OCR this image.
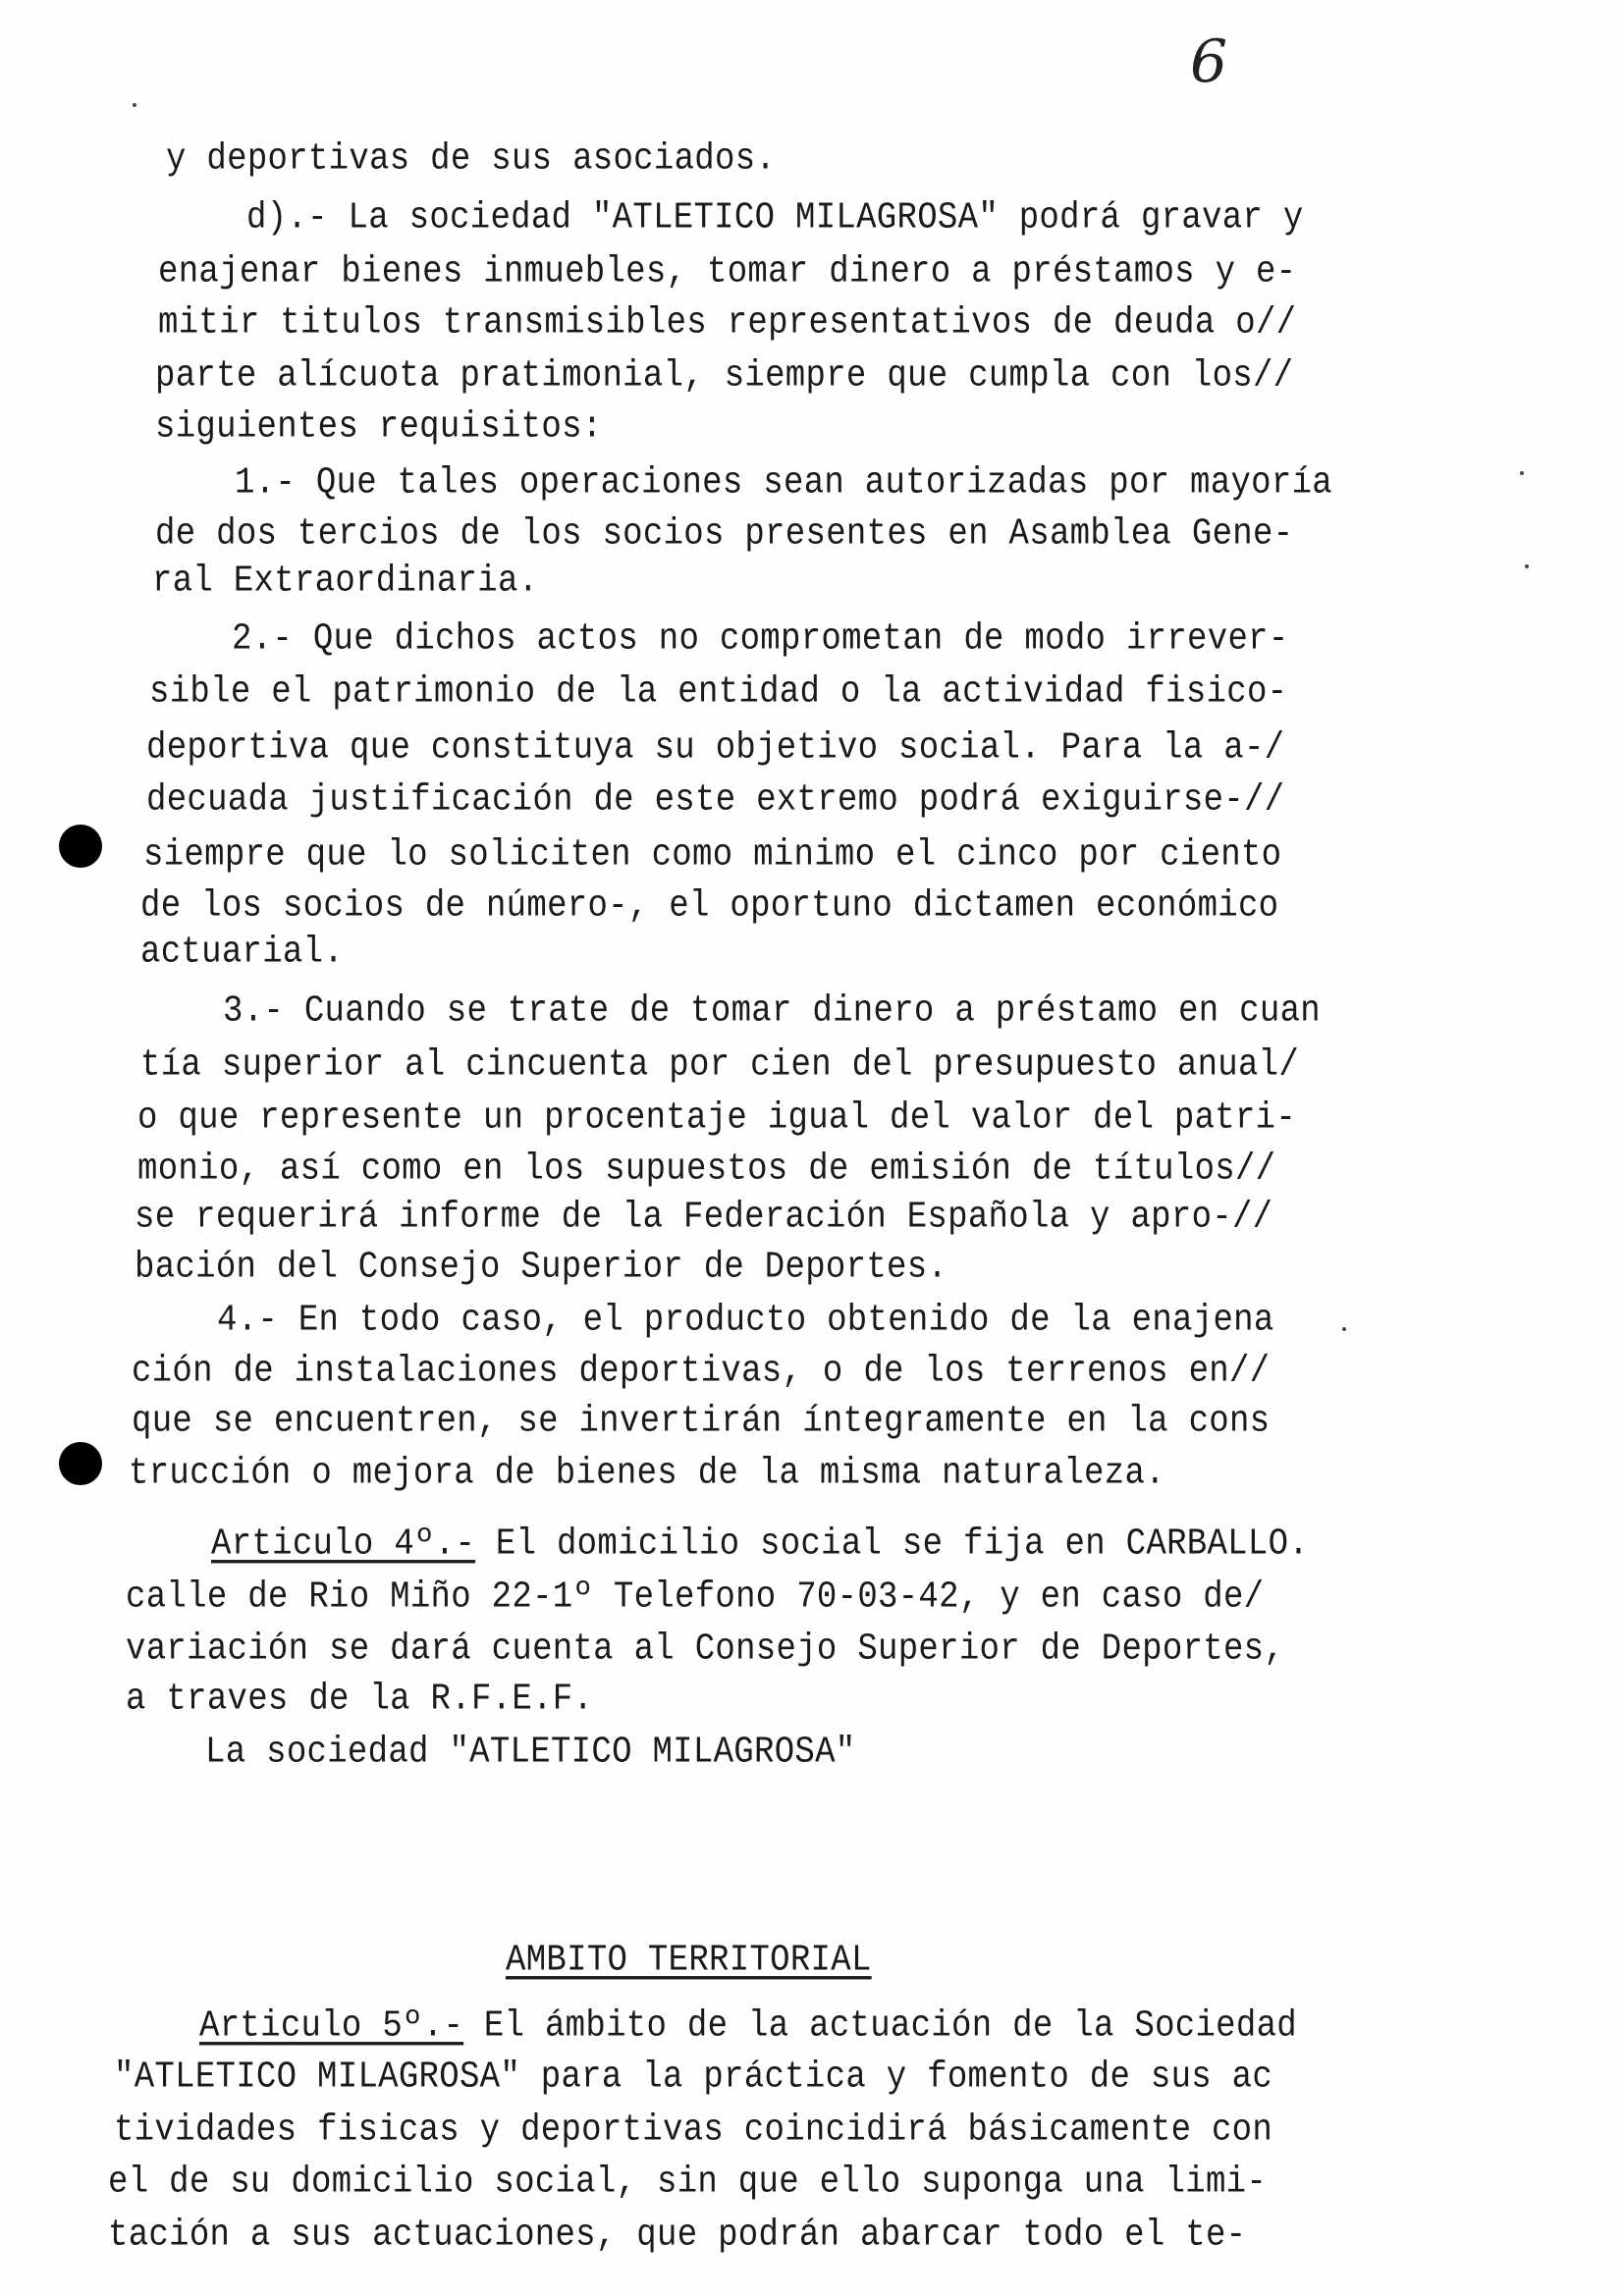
6
y deportivas de sus asociados.
d).- La sociedad "ATLETICO MILAGROSA" podrá gravar y
enajenar bienes inmuebles, tomar dinero a préstamos y e-
mitir titulos transmisibles representativos de deuda o//
parte alícuota pratimonial, siempre que cumpla con los//
siguientes requisitos:
1.- Que tales operaciones sean autorizadas por mayoría
de dos tercios de los socios presentes en Asamblea Gene-
ral Extraordinaria.
2.- Que dichos actos no comprometan de modo irrever-
sible el patrimonio de la entidad o la actividad fisico-
deportiva que constituya su objetivo social. Para la a-/
decuada justificación de este extremo podrá exiguirse-//
siempre que lo soliciten como minimo el cinco por ciento
de los socios de número-, el oportuno dictamen económico
actuarial.
3.- Cuando se trate de tomar dinero a préstamo en cuan
tía superior al cincuenta por cien del presupuesto anual/
o que represente un procentaje igual del valor del patri-
monio, así como en los supuestos de emisión de títulos//
se requerirá informe de la Federación Española y apro-//
bación del Consejo Superior de Deportes.
4.- En todo caso, el producto obtenido de la enajena
ción de instalaciones deportivas, o de los terrenos en//
que se encuentren, se invertirán íntegramente en la cons
trucción o mejora de bienes de la misma naturaleza.
Articulo 4º.- El domicilio social se fija en CARBALLO.
calle de Rio Miño 22-1º Telefono 70-03-42, y en caso de/
variación se dará cuenta al Consejo Superior de Deportes,
a traves de la R.F.E.F.
La sociedad "ATLETICO MILAGROSA"
AMBITO TERRITORIAL
Articulo 5º.- El ámbito de la actuación de la Sociedad
"ATLETICO MILAGROSA" para la práctica y fomento de sus ac
tividades fisicas y deportivas coincidirá básicamente con
el de su domicilio social, sin que ello suponga una limi-
tación a sus actuaciones, que podrán abarcar todo el te-
